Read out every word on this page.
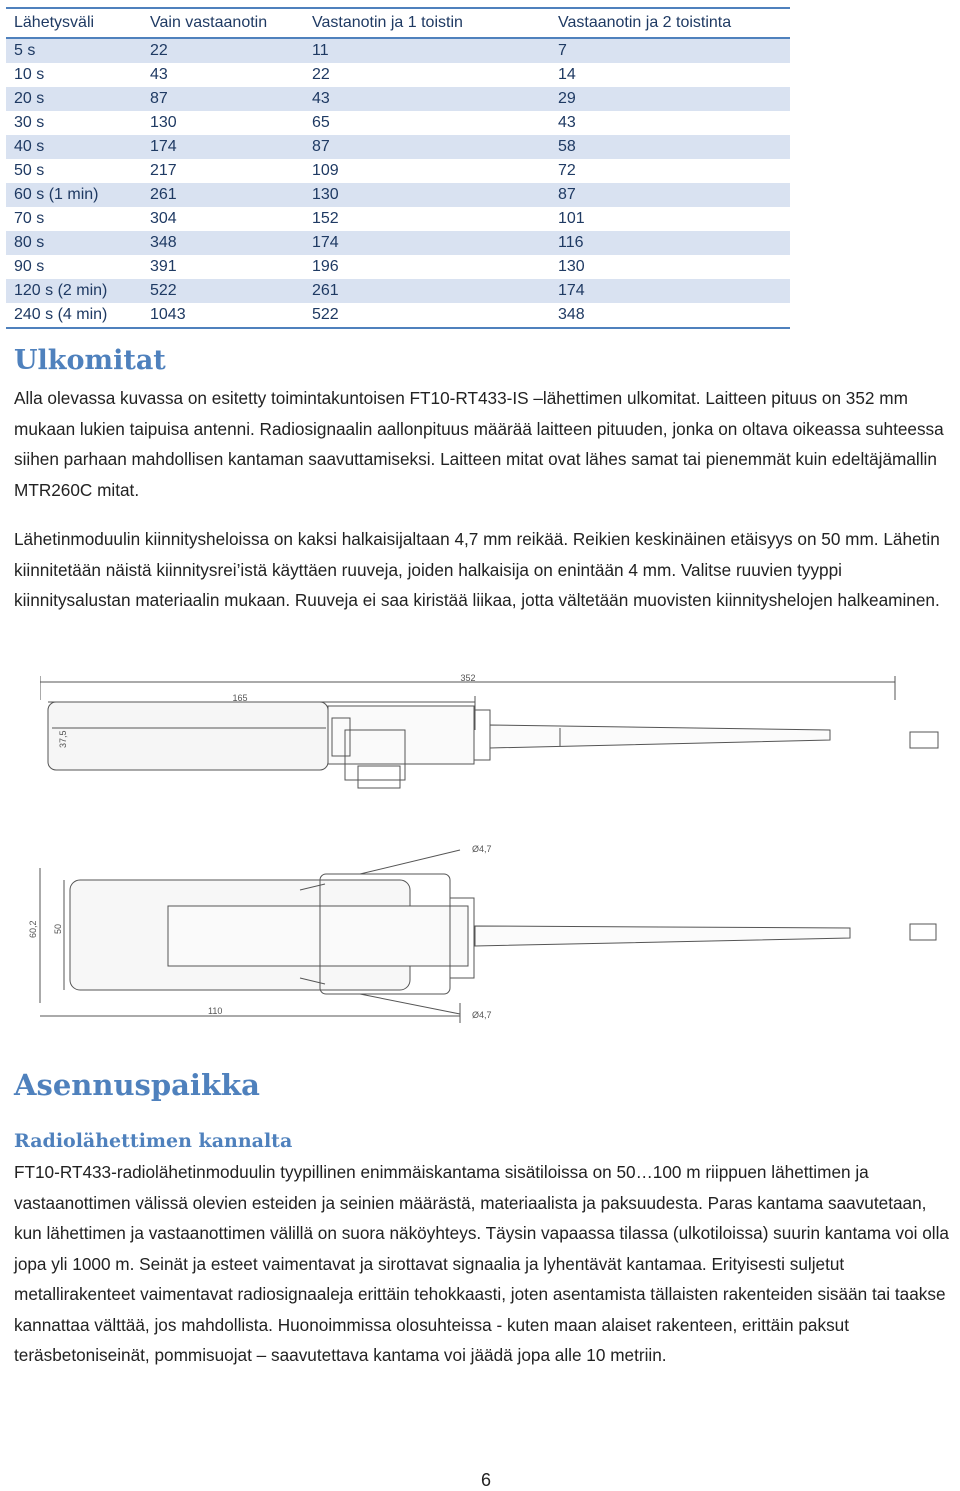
Lähetysväli	Vain vastaanotin	Vastanotin ja 1 toistin	Vastaanotin ja 2 toistinta
5 s	22	11	7
10 s	43	22	14
20 s	87	43	29
30 s	130	65	43
40 s	174	87	58
50 s	217	109	72
60 s (1 min)	261	130	87
70 s	304	152	101
80 s	348	174	116
90 s	391	196	130
120 s (2 min)	522	261	174
240 s (4 min)	1043	522	348
Ulkomitat

Alla olevassa kuvassa on esitetty toimintakuntoisen FT10-RT433-IS –lähettimen ulkomitat. Laitteen pituus on 352 mm mukaan lukien taipuisa antenni. Radiosignaalin aallonpituus määrää laitteen pituuden, jonka on oltava oikeassa suhteessa siihen parhaan mahdollisen kantaman saavuttamiseksi. Laitteen mitat ovat lähes samat tai pienemmät kuin edeltäjämallin MTR260C mitat.

Lähetinmoduulin kiinnitysheloissa on kaksi halkaisijaltaan 4,7 mm reikää. Reikien keskinäinen etäisyys on 50 mm. Lähetin kiinnitetään näistä kiinnitysrei’istä käyttäen ruuveja, joiden halkaisija on enintään 4 mm. Valitse ruuvien tyyppi kiinnitysalustan materiaalin mukaan. Ruuveja ei saa kiristää liikaa, jotta vältetään muovisten kiinnityshelojen halkeaminen.

352
165
37,5
Ø4,7
Ø4,7
60,2 50
110
Asennuspaikka
Radiolähettimen kannalta

FT10-RT433-radiolähetinmoduulin tyypillinen enimmäiskantama sisätiloissa on 50…100 m riippuen lähettimen ja vastaanottimen välissä olevien esteiden ja seinien määrästä, materiaalista ja paksuudesta. Paras kantama saavutetaan, kun lähettimen ja vastaanottimen välillä on suora näköyhteys. Täysin vapaassa tilassa (ulkotiloissa) suurin kantama voi olla jopa yli 1000 m. Seinät ja esteet vaimentavat ja sirottavat signaalia ja lyhentävät kantamaa. Erityisesti suljetut metallirakenteet vaimentavat radiosignaaleja erittäin tehokkaasti, joten asentamista tällaisten rakenteiden sisään tai taakse kannattaa välttää, jos mahdollista. Huonoimmissa olosuhteissa - kuten maan alaiset rakenteen, erittäin paksut teräsbetoniseinät, pommisuojat – saavutettava kantama voi jäädä jopa alle 10 metriin.

6
